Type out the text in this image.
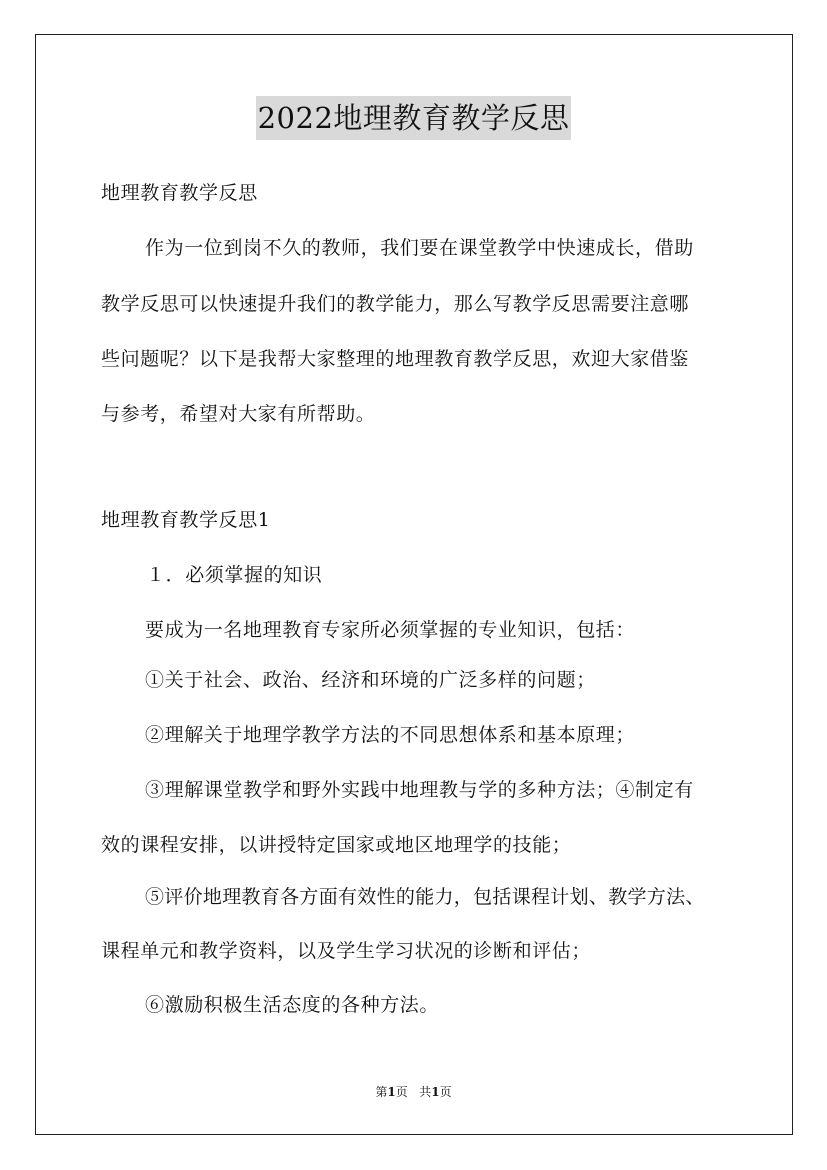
2022地理教育教学反思
地理教育教学反思
作为一位到岗不久的教师，我们要在课堂教学中快速成长，借助
教学反思可以快速提升我们的教学能力，那么写教学反思需要注意哪
些问题呢？以下是我帮大家整理的地理教育教学反思，欢迎大家借鉴
与参考，希望对大家有所帮助。
地理教育教学反思1
１．必须掌握的知识
要成为一名地理教育专家所必须掌握的专业知识，包括：
①关于社会、政治、经济和环境的广泛多样的问题；
②理解关于地理学教学方法的不同思想体系和基本原理；
③理解课堂教学和野外实践中地理教与学的多种方法；④制定有
效的课程安排，以讲授特定国家或地区地理学的技能；
⑤评价地理教育各方面有效性的能力，包括课程计划、教学方法、
课程单元和教学资料，以及学生学习状况的诊断和评估；
⑥激励积极生活态度的各种方法。
第1页 共1页
